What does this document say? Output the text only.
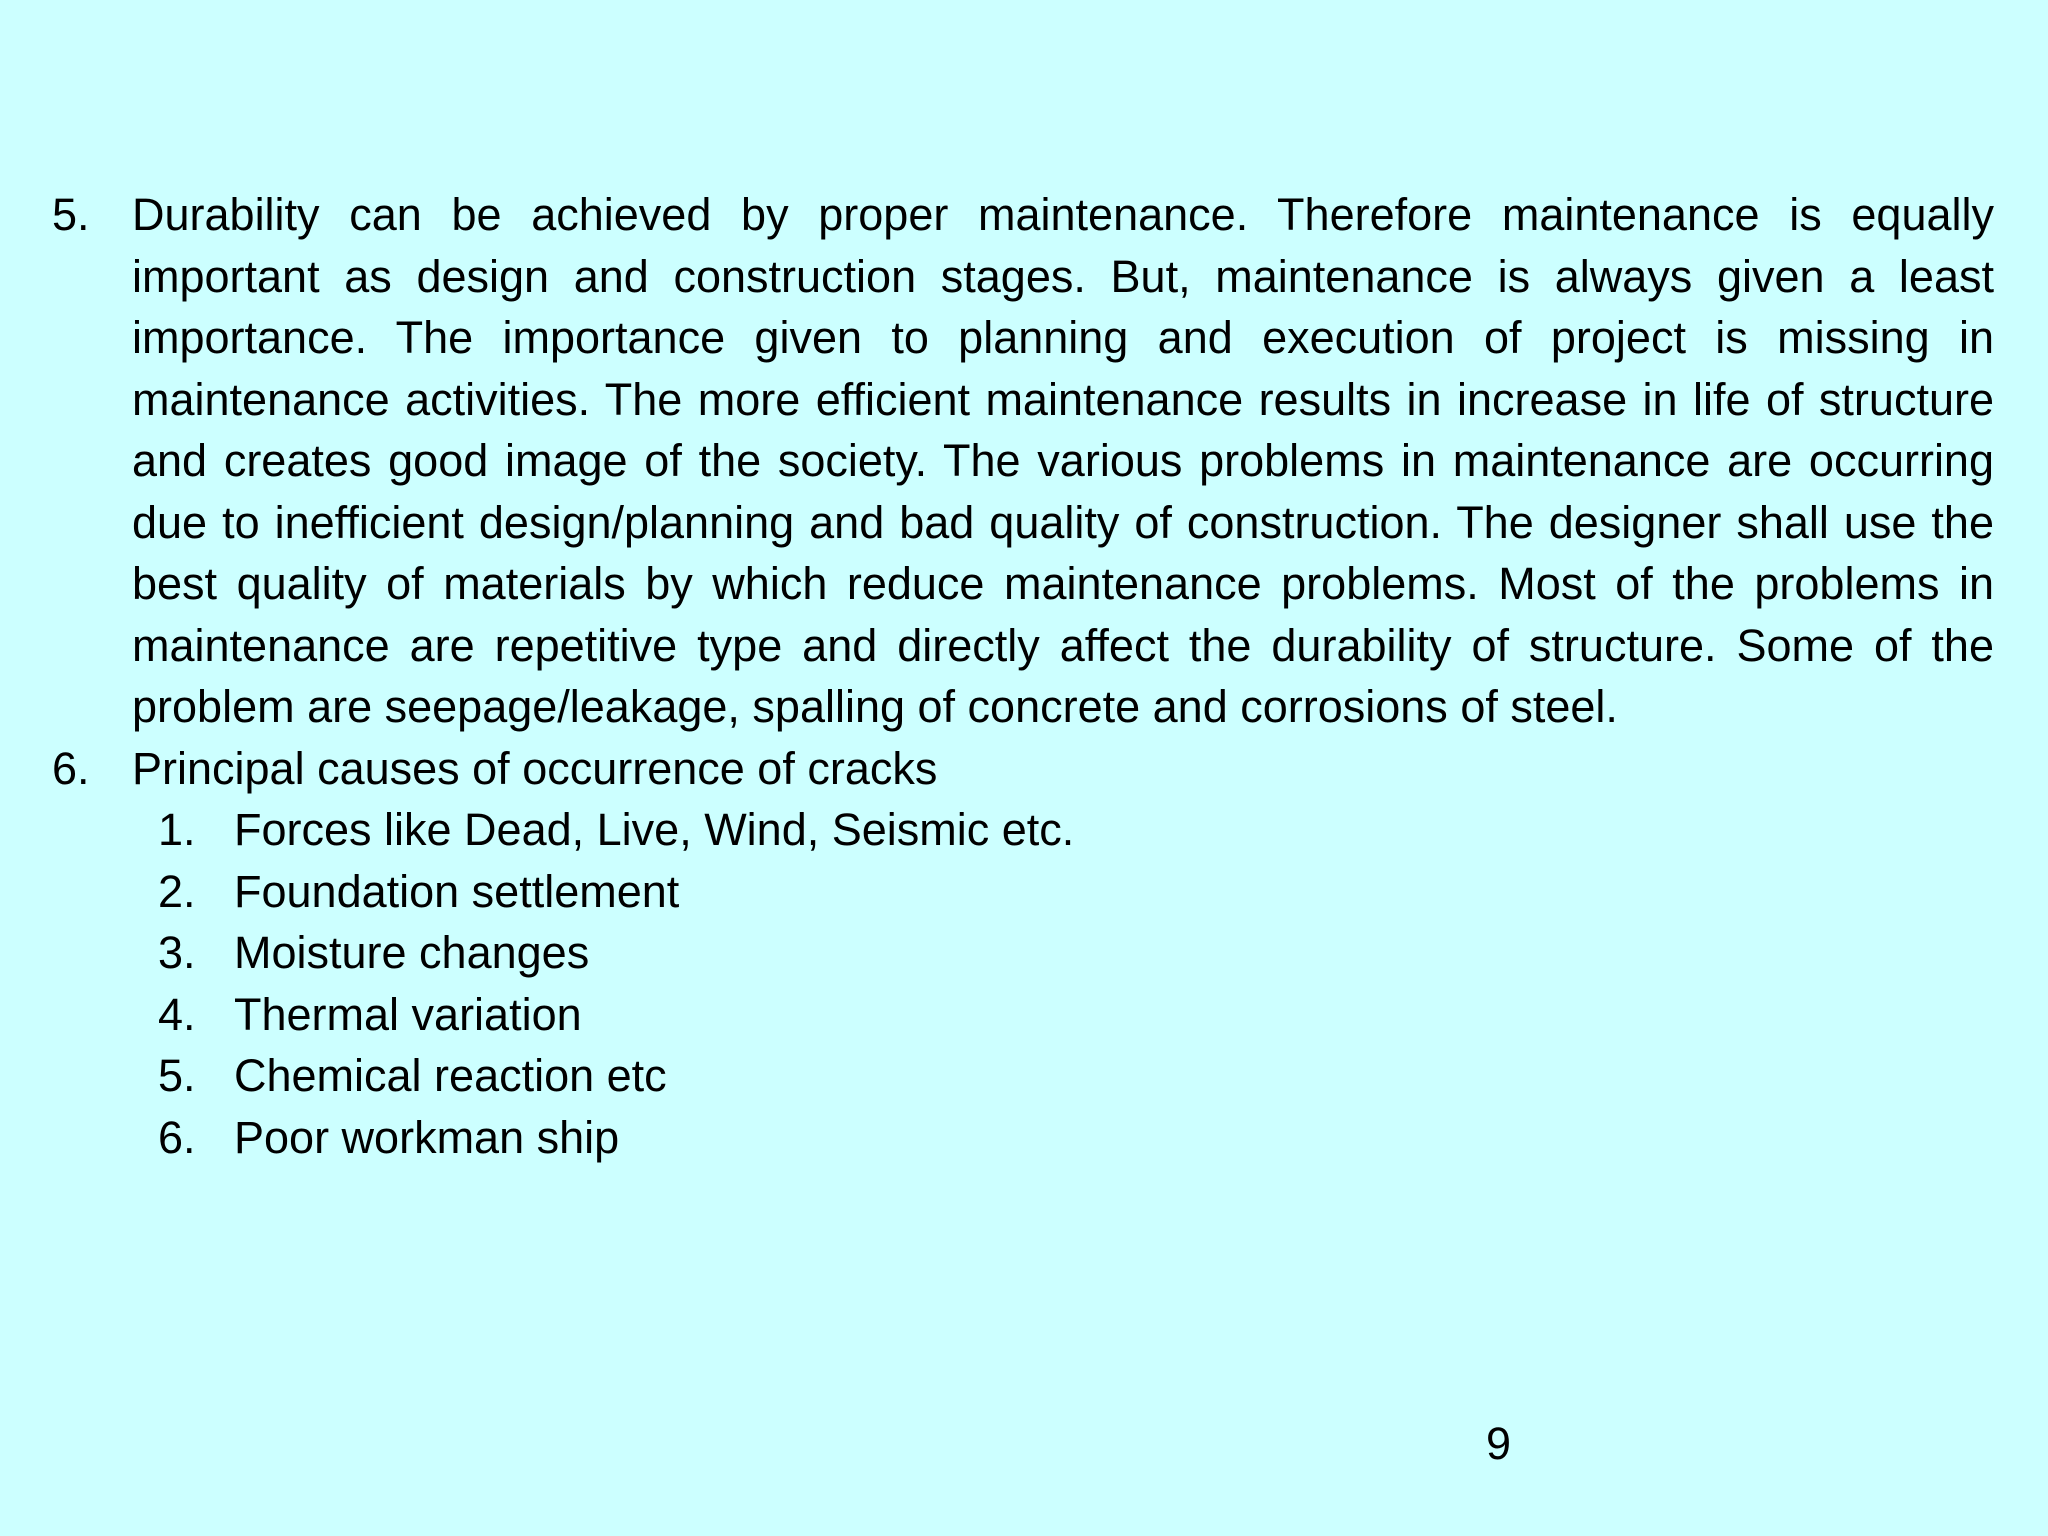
5. Durability can be achieved by proper maintenance. Therefore maintenance is equally important as design and construction stages. But, maintenance is always given a least importance. The importance given to planning and execution of project is missing in maintenance activities. The more efficient maintenance results in increase in life of structure and creates good image of the society. The various problems in maintenance are occurring due to inefficient design/planning and bad quality of construction. The designer shall use the best quality of materials by which reduce maintenance problems. Most of the problems in maintenance are repetitive type and directly affect the durability of structure. Some of the problem are seepage/leakage, spalling of concrete and corrosions of steel.
6. Principal causes of occurrence of cracks
1. Forces like Dead, Live, Wind, Seismic etc.
2. Foundation settlement
3. Moisture changes
4. Thermal variation
5. Chemical reaction etc
6. Poor workman ship
9
